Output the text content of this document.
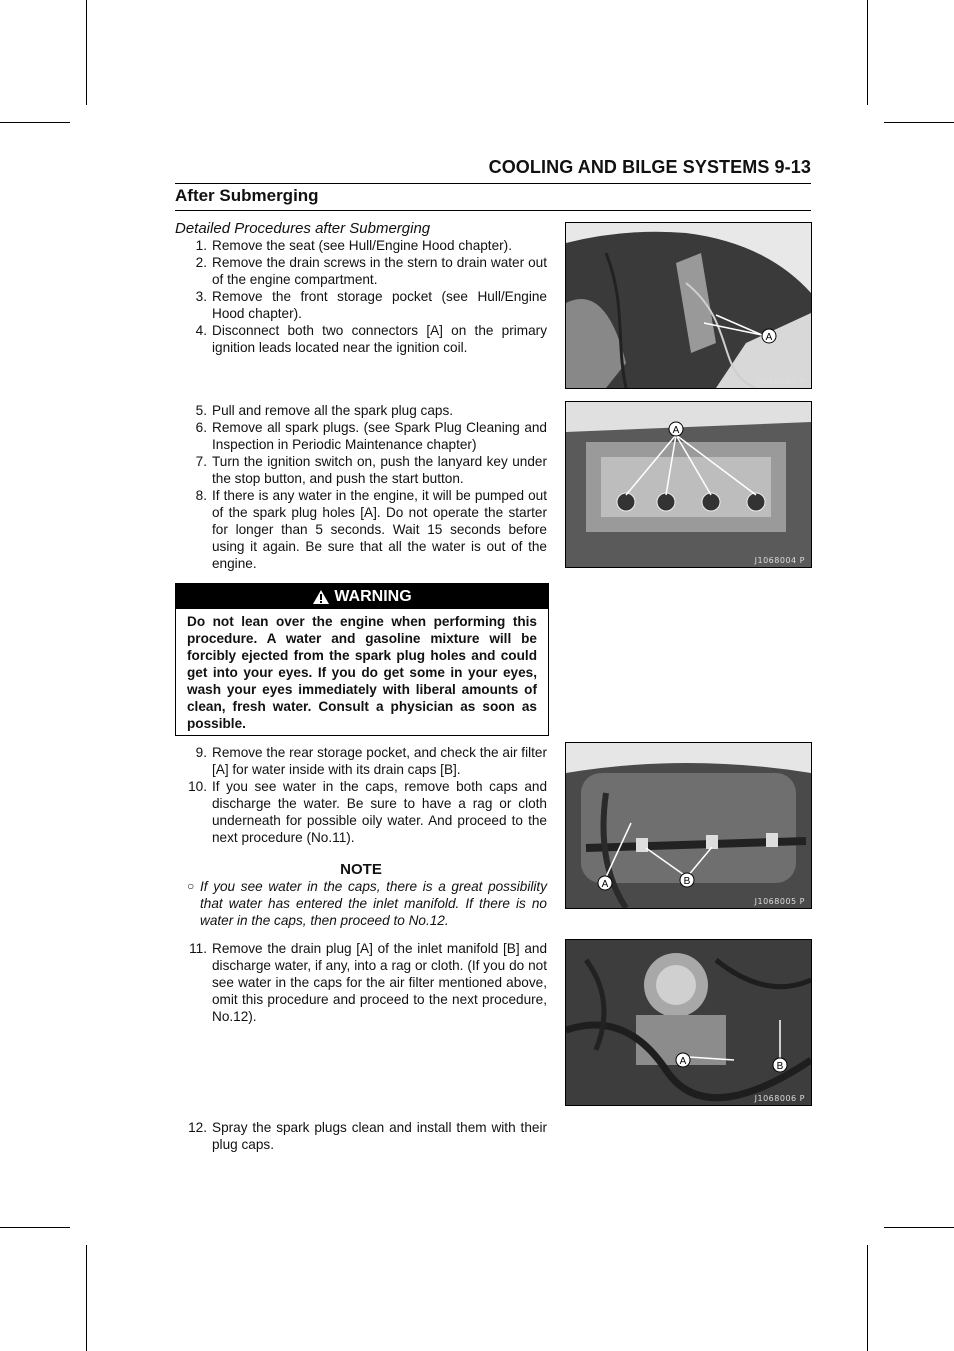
COOLING AND BILGE SYSTEMS 9-13
After Submerging
Detailed Procedures after Submerging
1. Remove the seat (see Hull/Engine Hood chapter).
2. Remove the drain screws in the stern to drain water out of the engine compartment.
3. Remove the front storage pocket (see Hull/Engine Hood chapter).
4. Disconnect both two connectors [A] on the primary ignition leads located near the ignition coil.
5. Pull and remove all the spark plug caps.
6. Remove all spark plugs. (see Spark Plug Cleaning and Inspection in Periodic Maintenance chapter)
7. Turn the ignition switch on, push the lanyard key under the stop button, and push the start button.
8. If there is any water in the engine, it will be pumped out of the spark plug holes [A]. Do not operate the starter for longer than 5 seconds. Wait 15 seconds before using it again. Be sure that all the water is out of the engine.
WARNING
Do not lean over the engine when performing this procedure. A water and gasoline mixture will be forcibly ejected from the spark plug holes and could get into your eyes. If you do get some in your eyes, wash your eyes immediately with liberal amounts of clean, fresh water. Consult a physician as soon as possible.
9. Remove the rear storage pocket, and check the air filter [A] for water inside with its drain caps [B].
10. If you see water in the caps, remove both caps and discharge the water. Be sure to have a rag or cloth underneath for possible oily water. And proceed to the next procedure (No.11).
NOTE
○ If you see water in the caps, there is a great possibility that water has entered the inlet manifold. If there is no water in the caps, then proceed to No.12.
11. Remove the drain plug [A] of the inlet manifold [B] and discharge water, if any, into a rag or cloth. (If you do not see water in the caps for the air filter mentioned above, omit this procedure and proceed to the next procedure, No.12).
12. Spray the spark plugs clean and install them with their plug caps.
A
J1068003 P
A
J1068004 P
A	B
J1068005 P
A	B
J1068006 P
